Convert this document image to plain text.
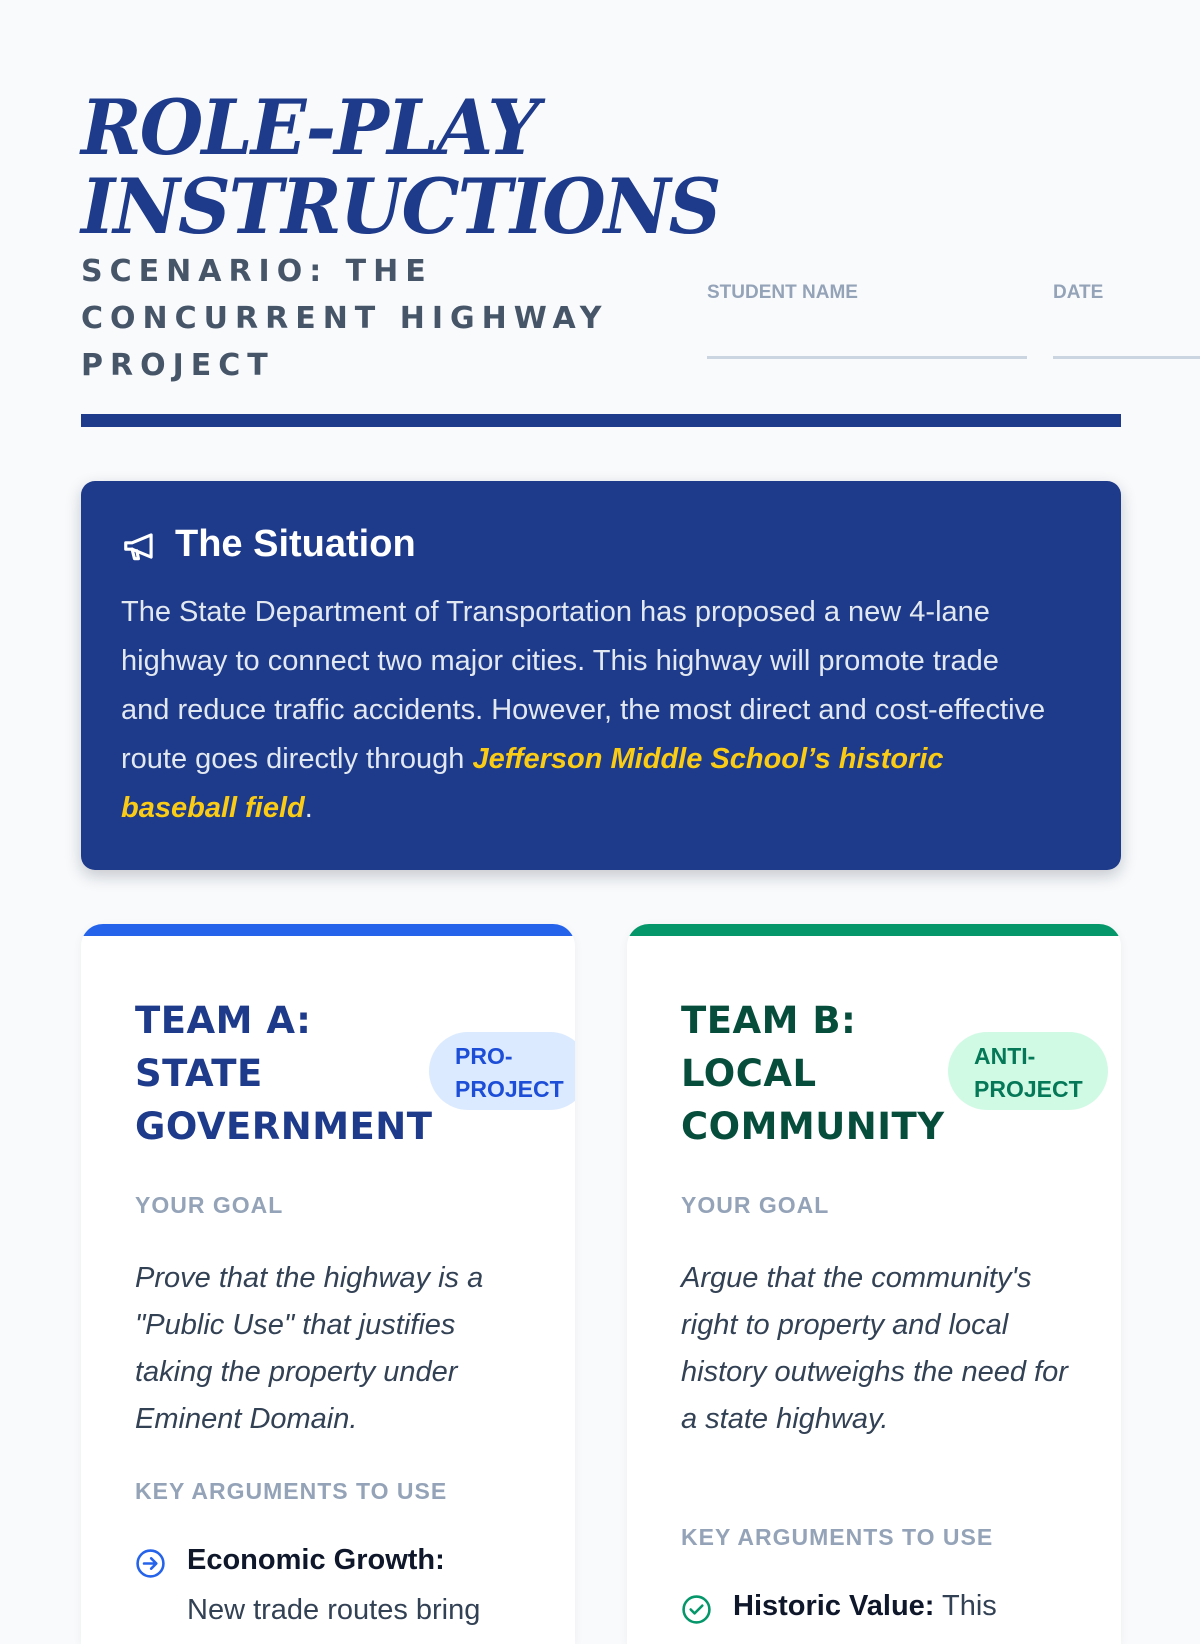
ROLE-PLAY
INSTRUCTIONS
SCENARIO: THE CONCURRENT HIGHWAY PROJECT
STUDENT NAME	DATE
The Situation
The State Department of Transportation has proposed a new 4-lane highway to connect two major cities. This highway will promote trade and reduce traffic accidents. However, the most direct and cost-effective route goes directly through Jefferson Middle School’s historic baseball field.
TEAM A:
STATE
GOVERNMENT
PRO-
PROJECT
YOUR GOAL
Prove that the highway is a "Public Use" that justifies taking the property under Eminent Domain.
KEY ARGUMENTS TO USE
Economic Growth:
New trade routes bring
TEAM B:
LOCAL
COMMUNITY
ANTI-
PROJECT
YOUR GOAL
Argue that the community's right to property and local history outweighs the need for a state highway.
KEY ARGUMENTS TO USE
Historic Value: This
